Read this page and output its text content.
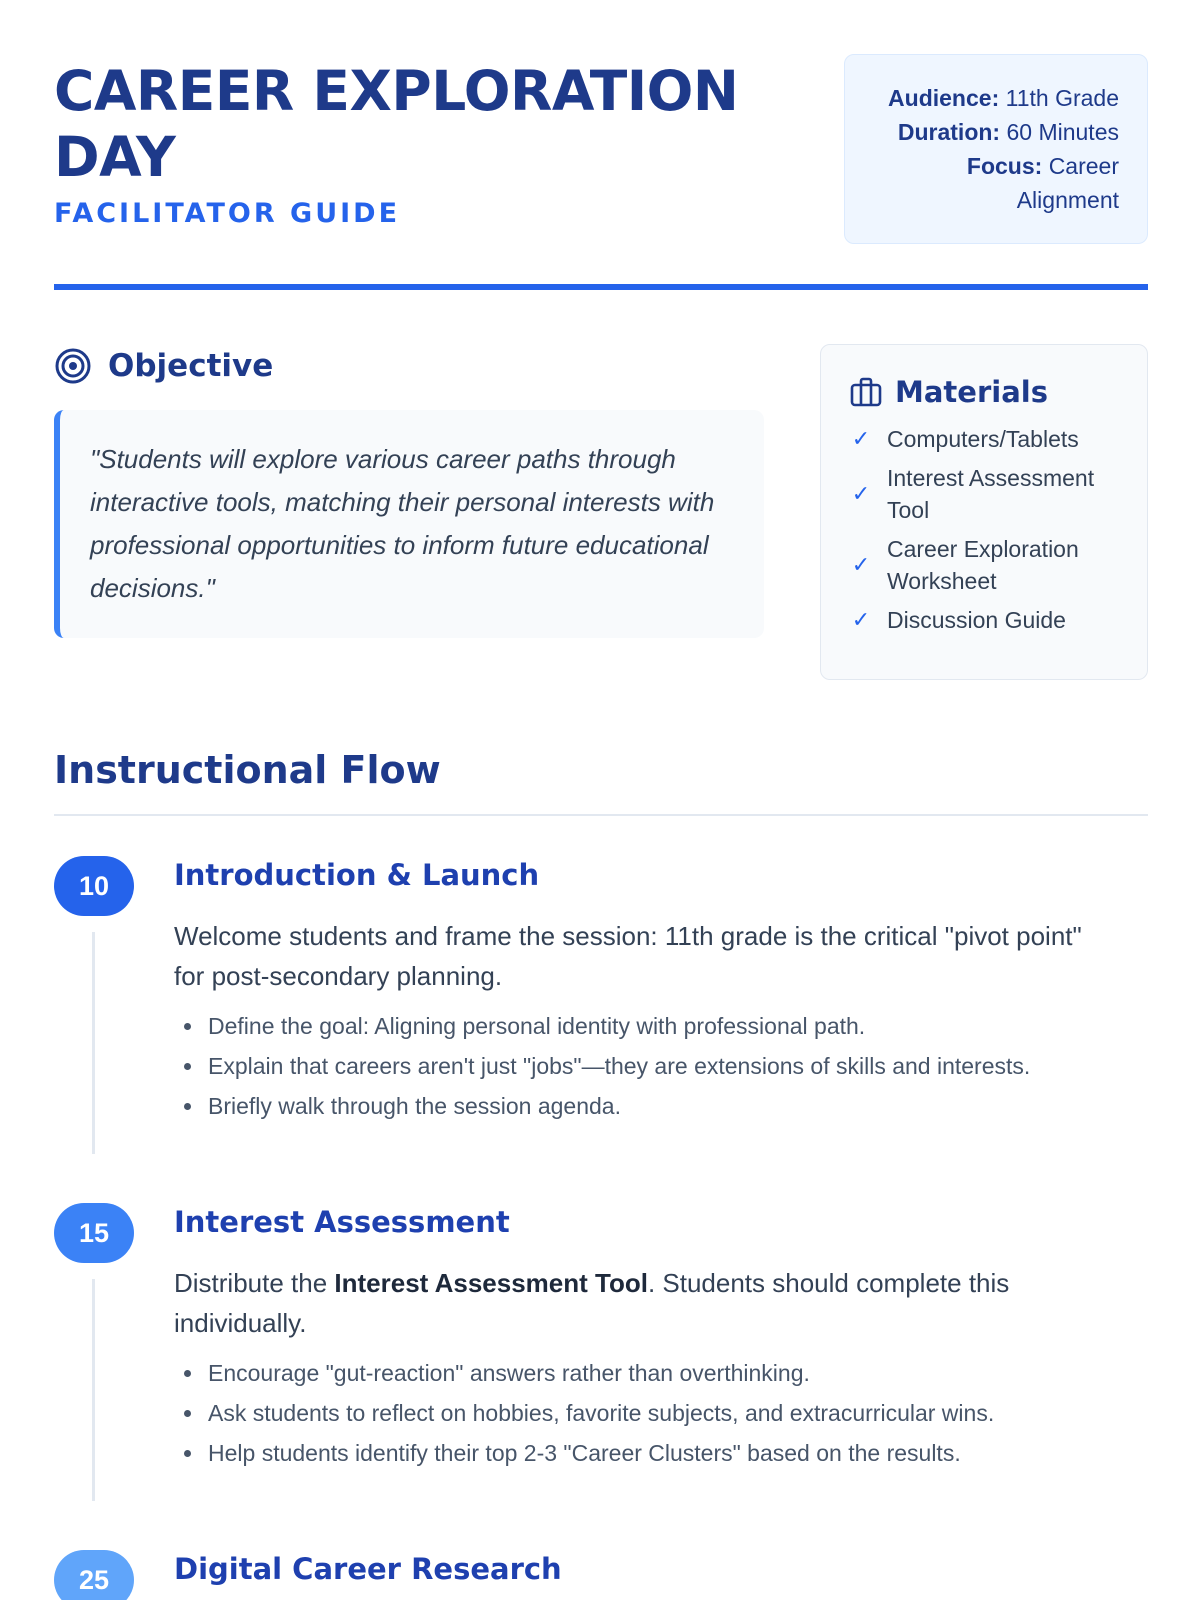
CAREER EXPLORATION DAY
FACILITATOR GUIDE
Audience: 11th Grade
Duration: 60 Minutes
Focus: Career Alignment
Objective
"Students will explore various career paths through interactive tools, matching their personal interests with professional opportunities to inform future educational decisions."
Materials
✓ Computers/Tablets
✓
Interest Assessment Tool
✓
Career Exploration Worksheet
✓ Discussion Guide
Instructional Flow
10	Introduction & Launch
Welcome students and frame the session: 11th grade is the critical "pivot point" for post-secondary planning.
Define the goal: Aligning personal identity with professional path.
Explain that careers aren't just "jobs"—they are extensions of skills and interests.
Briefly walk through the session agenda.
15	Interest Assessment
Distribute the Interest Assessment Tool. Students should complete this individually.
Encourage "gut-reaction" answers rather than overthinking.
Ask students to reflect on hobbies, favorite subjects, and extracurricular wins.
Help students identify their top 2-3 "Career Clusters" based on the results.
25	Digital Career Research
